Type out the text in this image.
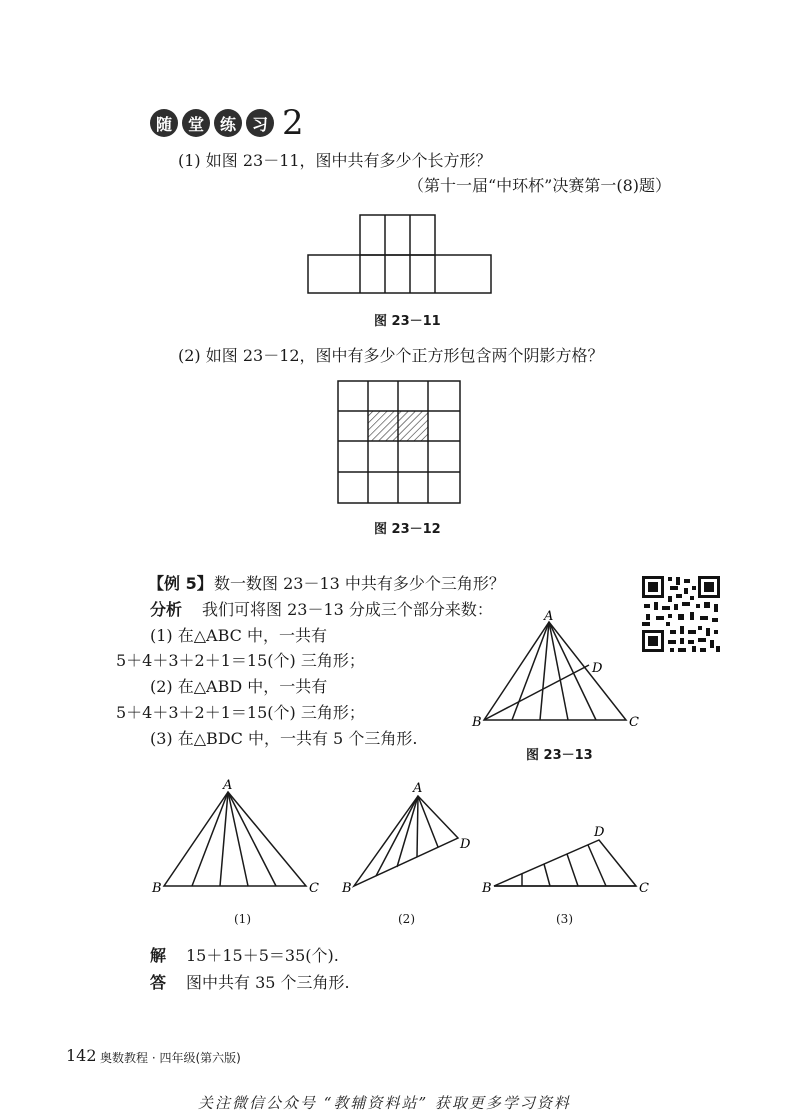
随 堂 练 习 2
(1) 如图 23－11，图中共有多少个长方形？
（第十一届“中环杯”决赛第一(8)题）
图 23－11
(2) 如图 23－12，图中有多少个正方形包含两个阴影方格？
图 23－12
【例 5】 数一数图 23－13 中共有多少个三角形？
分析 我们可将图 23－13 分成三个部分来数：
(1) 在△ABC 中，一共有
5＋4＋3＋2＋1＝15(个) 三角形；
(2) 在△ABD 中，一共有
5＋4＋3＋2＋1＝15(个) 三角形；
(3) 在△BDC 中，一共有 5 个三角形.
A
B	C
D
图 23－13
A
B	C
A
B
D
D
B	C
(1)	(2)	(3)
解 15＋15＋5＝35(个).
答 图中共有 35 个三角形.
142 奥数教程 · 四年级(第六版)
关注微信公众号 “教辅资料站” 获取更多学习资料
